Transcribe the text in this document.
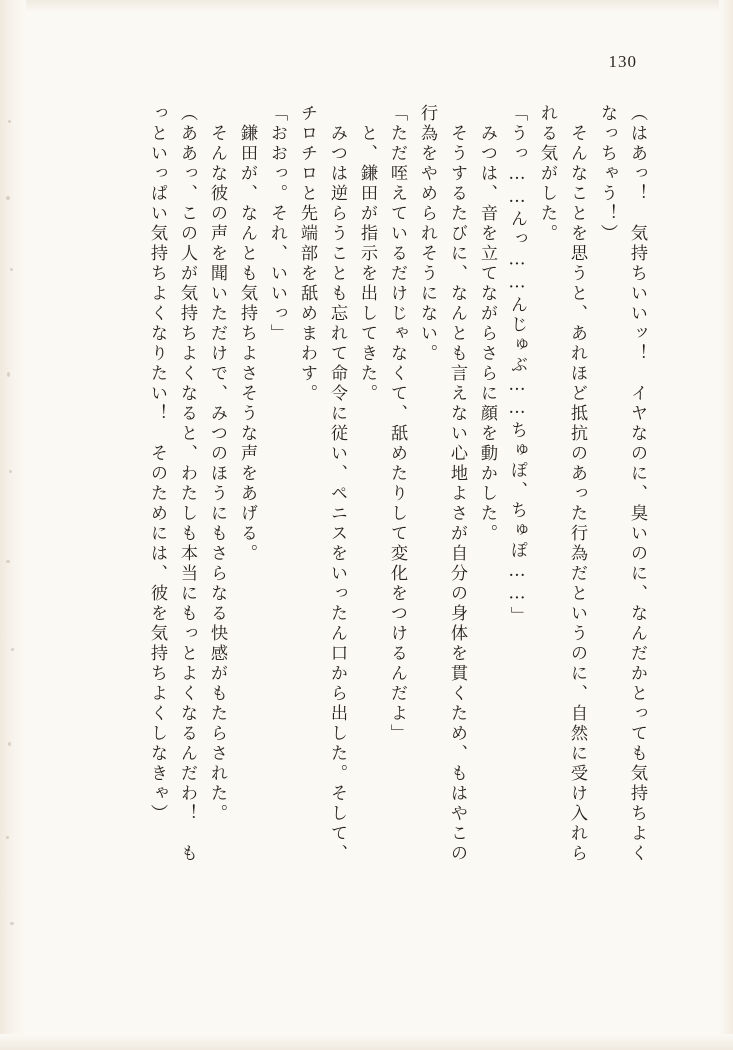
130
（はあっ！　気持ちいいッ！　イヤなのに、臭いのに、なんだかとっても気持ちよく
なっちゃう！）
　そんなことを思うと、あれほど抵抗のあった行為だというのに、自然に受け入れら
れる気がした。
「うっ……んっ……んじゅぶ……ちゅぽ、ちゅぽ……」
　みつは、音を立てながらさらに顔を動かした。
　そうするたびに、なんとも言えない心地よさが自分の身体を貫くため、もはやこの
行為をやめられそうにない。
「ただ咥えているだけじゃなくて、舐めたりして変化をつけるんだよ」
　と、鎌田が指示を出してきた。
　みつは逆らうことも忘れて命令に従い、ペニスをいったん口から出した。そして、
チロチロと先端部を舐めまわす。
「おおっ。それ、いいっ」
　鎌田が、なんとも気持ちよさそうな声をあげる。
　そんな彼の声を聞いただけで、みつのほうにもさらなる快感がもたらされた。
（ああっ、この人が気持ちよくなると、わたしも本当にもっとよくなるんだわ！　も
っといっぱい気持ちよくなりたい！　そのためには、彼を気持ちよくしなきゃ）
